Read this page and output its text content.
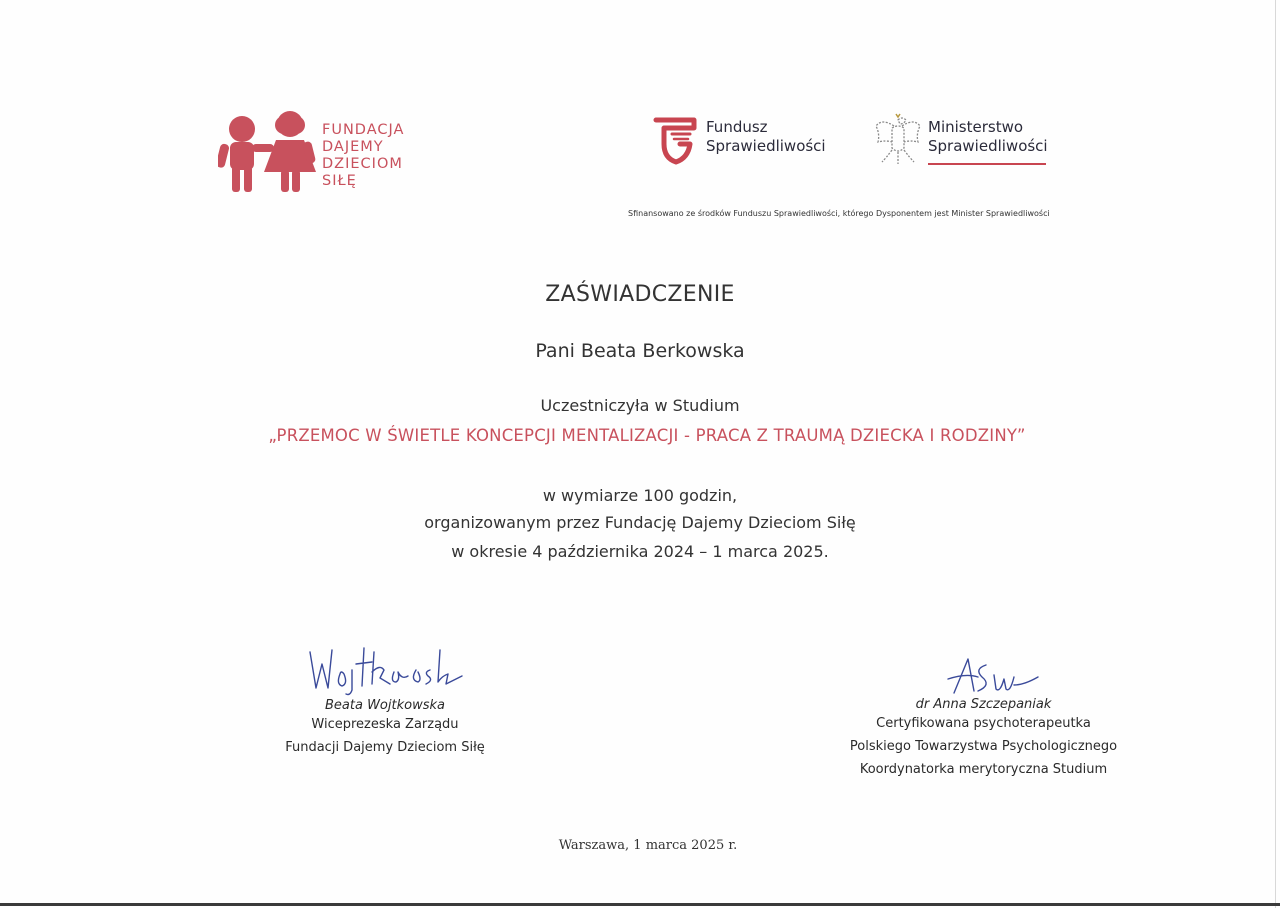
FUNDACJA
DAJEMY
DZIECIOM
SIŁĘ
Fundusz
Sprawiedliwości
Ministerstwo
Sprawiedliwości
Sfinansowano ze środków Funduszu Sprawiedliwości, którego Dysponentem jest Minister Sprawiedliwości
ZAŚWIADCZENIE
Pani Beata Berkowska
Uczestniczyła w Studium
„PRZEMOC W ŚWIETLE KONCEPCJI MENTALIZACJI - PRACA Z TRAUMĄ DZIECKA I RODZINY”
w wymiarze 100 godzin,
organizowanym przez Fundację Dajemy Dzieciom Siłę
w okresie 4 października 2024 – 1 marca 2025.
Beata Wojtkowska
Wiceprezeska Zarządu
Fundacji Dajemy Dzieciom Siłę
dr Anna Szczepaniak
Certyfikowana psychoterapeutka
Polskiego Towarzystwa Psychologicznego
Koordynatorka merytoryczna Studium
Warszawa, 1 marca 2025 r.
